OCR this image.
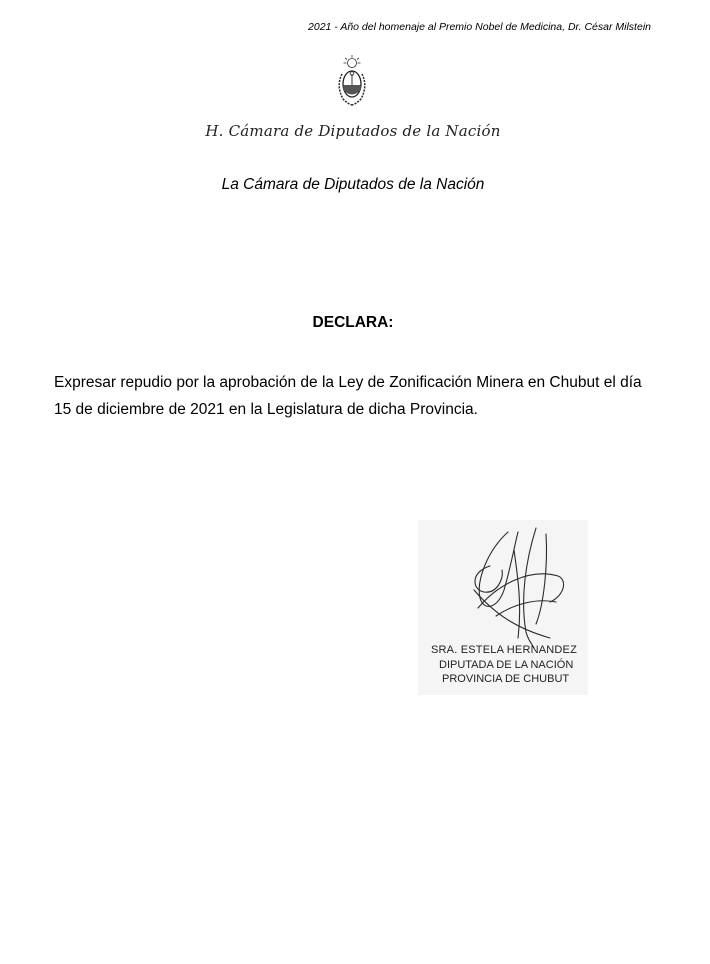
2021 - Año del homenaje al Premio Nobel de Medicina, Dr. César Milstein
H. Cámara de Diputados de la Nación
La Cámara de Diputados de la Nación
DECLARA:

Expresar repudio por la aprobación de la Ley de Zonificación Minera en Chubut el día

15 de diciembre de 2021 en la Legislatura de dicha Provincia.

SRA. ESTELA HERNANDEZ
DIPUTADA DE LA NACIÓN
PROVINCIA DE CHUBUT
